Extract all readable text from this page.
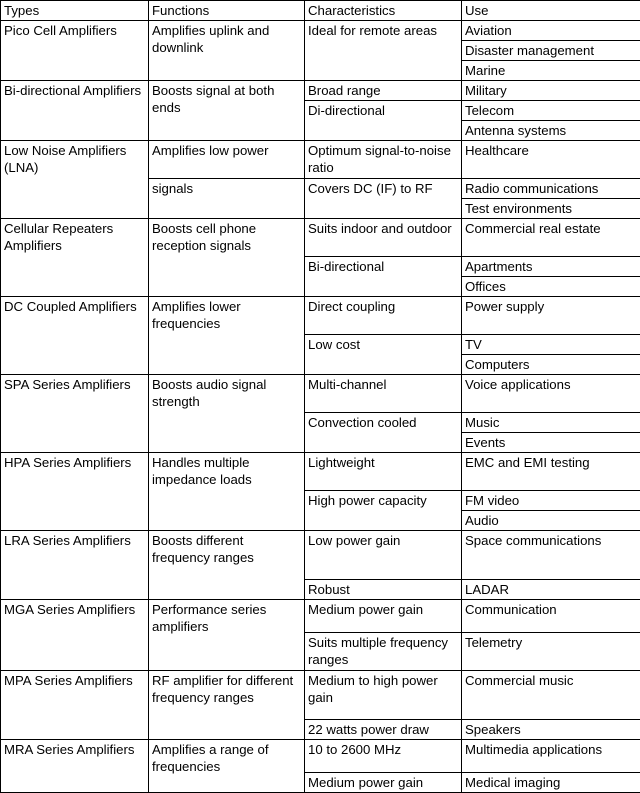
Types	Functions	Characteristics	Use
Pico Cell Amplifiers	Amplifies uplink and downlink	Ideal for remote areas	Aviation
			Disaster management
			Marine
Bi-directional Amplifiers	Boosts signal at both ends	Broad range	Military
		Di-directional	Telecom
			Antenna systems
Low Noise Amplifiers (LNA)	Amplifies low power	Optimum signal-to-noise ratio	Healthcare
	signals	Covers DC (IF) to RF	Radio communications
			Test environments
Cellular Repeaters Amplifiers	Boosts cell phone reception signals	Suits indoor and outdoor	Commercial real estate
		Bi-directional	Apartments
			Offices
DC Coupled Amplifiers	Amplifies lower frequencies	Direct coupling	Power supply
		Low cost	TV
			Computers
SPA Series Amplifiers	Boosts audio signal strength	Multi-channel	Voice applications
		Convection cooled	Music
			Events
HPA Series Amplifiers	Handles multiple impedance loads	Lightweight	EMC and EMI testing
		High power capacity	FM video
			Audio
LRA Series Amplifiers	Boosts different frequency ranges	Low power gain	Space communications
		Robust	LADAR
MGA Series Amplifiers	Performance series amplifiers	Medium power gain	Communication
		Suits multiple frequency ranges	Telemetry
MPA Series Amplifiers	RF amplifier for different frequency ranges	Medium to high power gain	Commercial music
		22 watts power draw	Speakers
MRA Series Amplifiers	Amplifies a range of frequencies	10 to 2600 MHz	Multimedia applications
		Medium power gain	Medical imaging
